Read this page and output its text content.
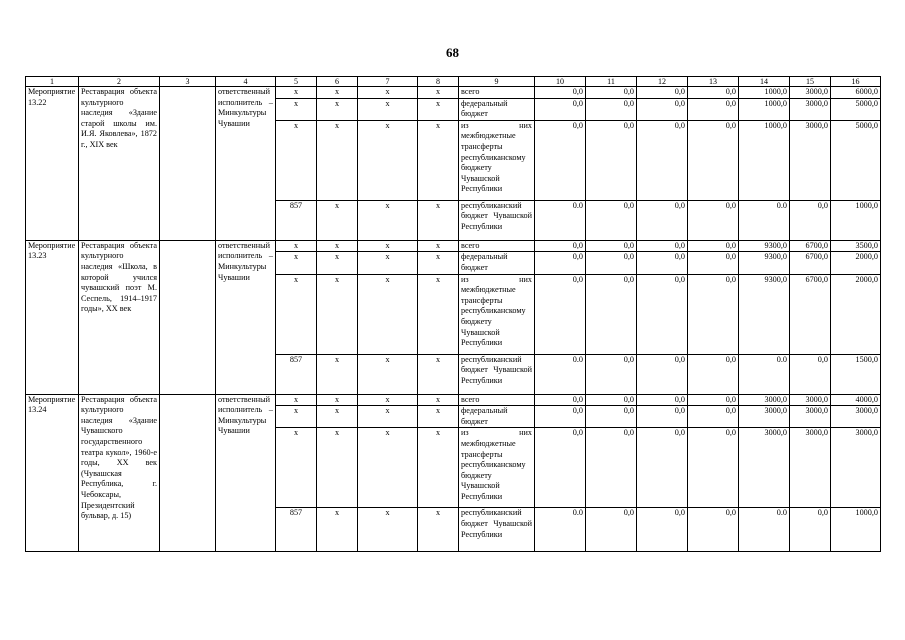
68
1	2	3	4	5	6	7	8	9	10	11	12	13	14	15	16
Мероприятие 13.22	Реставрация объекта культурного наследия «Здание старой школы им. И.Я. Яковлева», 1872 г., XIX век		ответственный исполнитель – Минкультуры Чувашии	x	x	x	x	всего	0,0	0,0	0,0	0,0	1000,0	3000,0	6000,0
				x	x	x	x	федеральный бюджет	0,0	0,0	0,0	0,0	1000,0	3000,0	5000,0
				x	x	x	x	из них межбюджетные трансферты республиканскому бюджету Чувашской Республики	0,0	0,0	0,0	0,0	1000,0	3000,0	5000,0
				857	x	x	x	республиканский бюджет Чувашской Республики	0.0	0,0	0,0	0,0	0.0	0,0	1000,0
Мероприятие 13.23	Реставрация объекта культурного наследия «Школа, в которой учился чувашский поэт М. Сеспель, 1914–1917 годы», XX век		ответственный исполнитель – Минкультуры Чувашии	x	x	x	x	всего	0,0	0,0	0,0	0,0	9300,0	6700,0	3500,0
				x	x	x	x	федеральный бюджет	0,0	0,0	0,0	0,0	9300,0	6700,0	2000,0
				x	x	x	x	из них межбюджетные трансферты республиканскому бюджету Чувашской Республики	0,0	0,0	0,0	0,0	9300,0	6700,0	2000,0
				857	x	x	x	республиканский бюджет Чувашской Республики	0.0	0,0	0,0	0,0	0.0	0,0	1500,0
Мероприятие 13.24	Реставрация объекта культурного наследия «Здание Чувашского государственного театра кукол», 1960-е годы, XX век (Чувашская Республика, г. Чебоксары, Президентский бульвар, д. 15)		ответственный исполнитель – Минкультуры Чувашии	x	x	x	x	всего	0,0	0,0	0,0	0,0	3000,0	3000,0	4000,0
				x	x	x	x	федеральный бюджет	0,0	0,0	0,0	0,0	3000,0	3000,0	3000,0
				x	x	x	x	из них межбюджетные трансферты республиканскому бюджету Чувашской Республики	0,0	0,0	0,0	0,0	3000,0	3000,0	3000,0
				857	x	x	x	республиканский бюджет Чувашской Республики	0.0	0,0	0,0	0,0	0.0	0,0	1000,0
